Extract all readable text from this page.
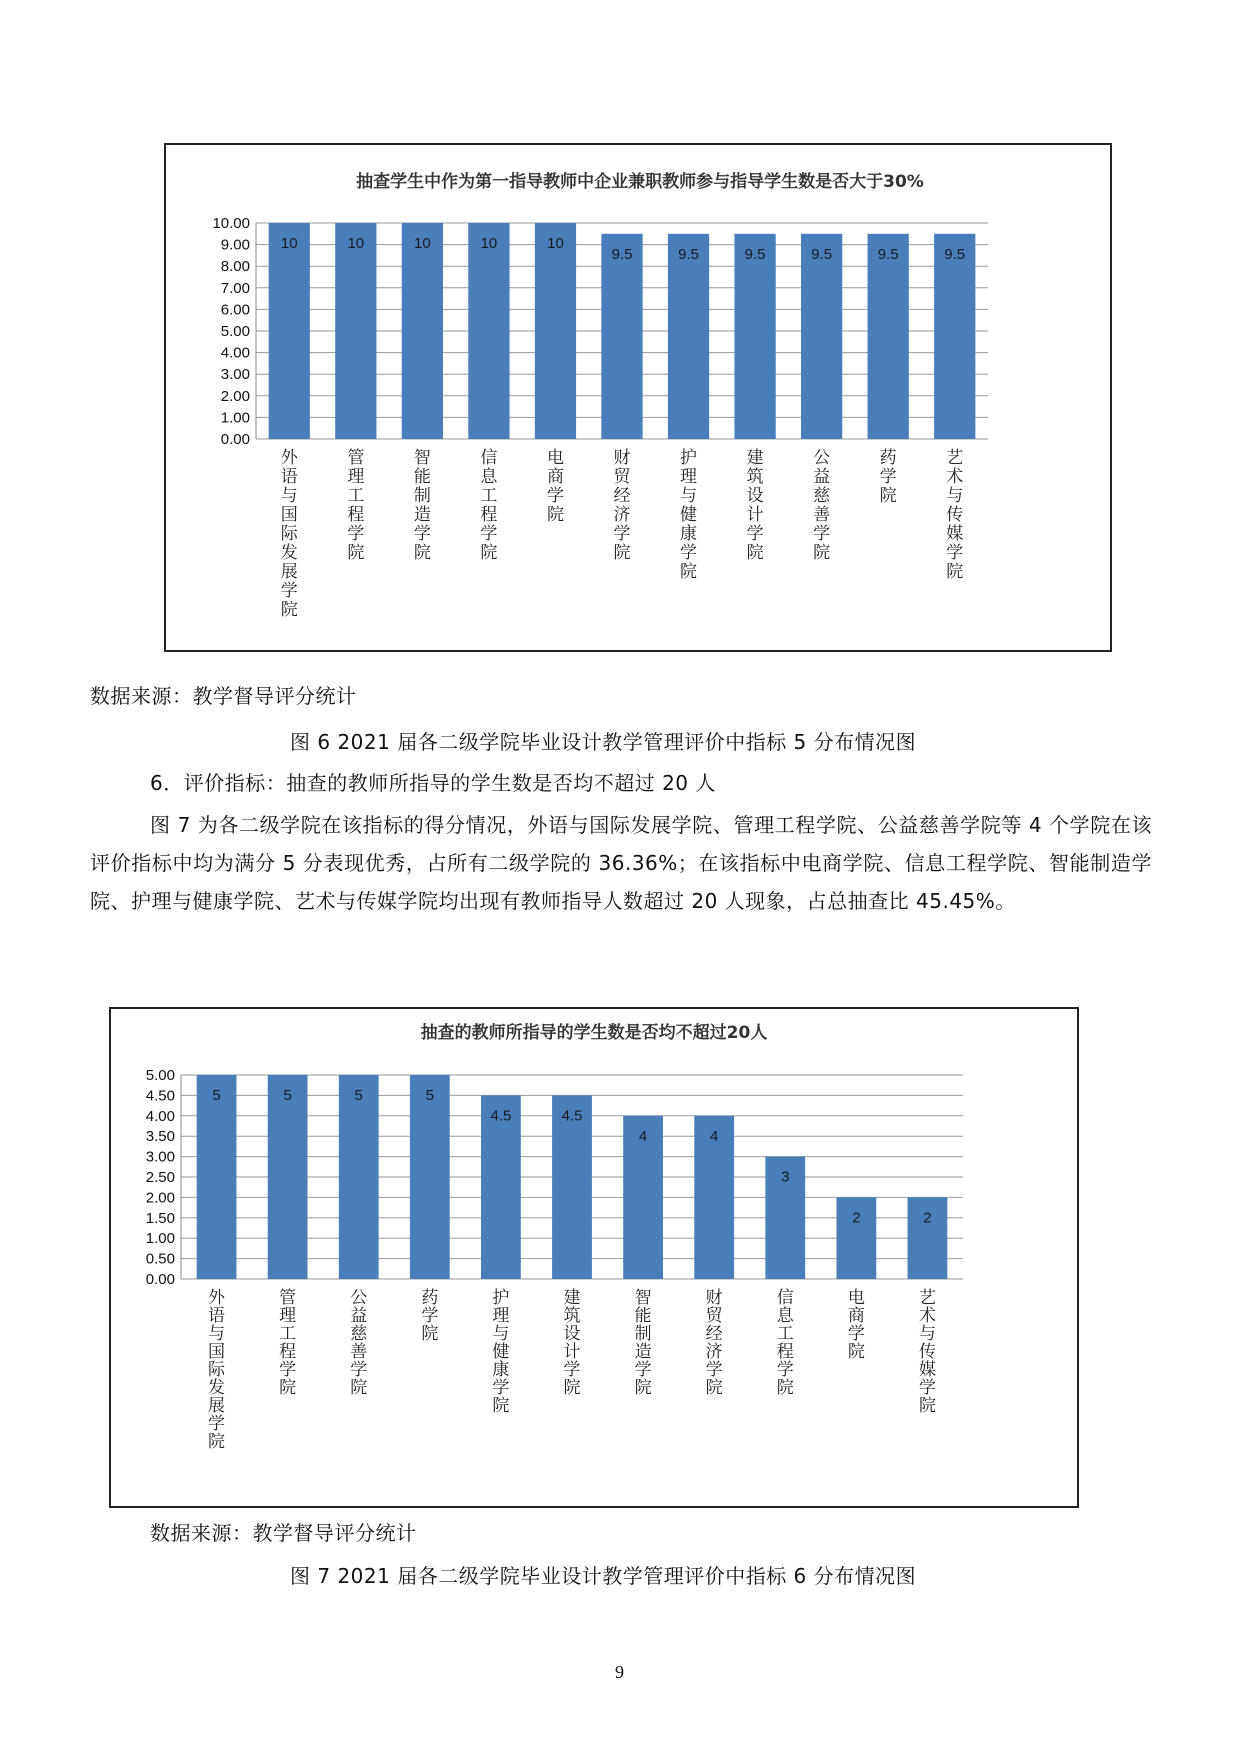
抽查学生中作为第一指导教师中企业兼职教师参与指导学生数是否大于30%
10.00
9.00
8.00
7.00
6.00
5.00
4.00
3.00
2.00
1.00
0.00
10
外语与国际发展学院
10
管理工程学院
10
智能制造学院
10
信息工程学院
10
电商学院
9.5
财贸经济学院
9.5
护理与健康学院
9.5
建筑设计学院
9.5
公益慈善学院
9.5
药学院
9.5
艺术与传媒学院
数据来源：教学督导评分统计
图 6 2021 届各二级学院毕业设计教学管理评价中指标 5 分布情况图
6．评价指标：抽查的教师所指导的学生数是否均不超过 20 人
图 7 为各二级学院在该指标的得分情况，外语与国际发展学院、管理工程学院、公益慈善学院等 4 个学院在该评价指标中均为满分 5 分表现优秀，占所有二级学院的 36.36%；在该指标中电商学院、信息工程学院、智能制造学院、护理与健康学院、艺术与传媒学院均出现有教师指导人数超过 20 人现象，占总抽查比 45.45%。
抽查的教师所指导的学生数是否均不超过20人
5.00
4.50
4.00
3.50
3.00
2.50
2.00
1.50
1.00
0.50
0.00
5
外语与国际发展学院
5
管理工程学院
5
公益慈善学院
5
药学院
4.5
护理与健康学院
4.5
建筑设计学院
4
智能制造学院
4
财贸经济学院
3
信息工程学院
2
电商学院
2
艺术与传媒学院
数据来源：教学督导评分统计
图 7 2021 届各二级学院毕业设计教学管理评价中指标 6 分布情况图
9
